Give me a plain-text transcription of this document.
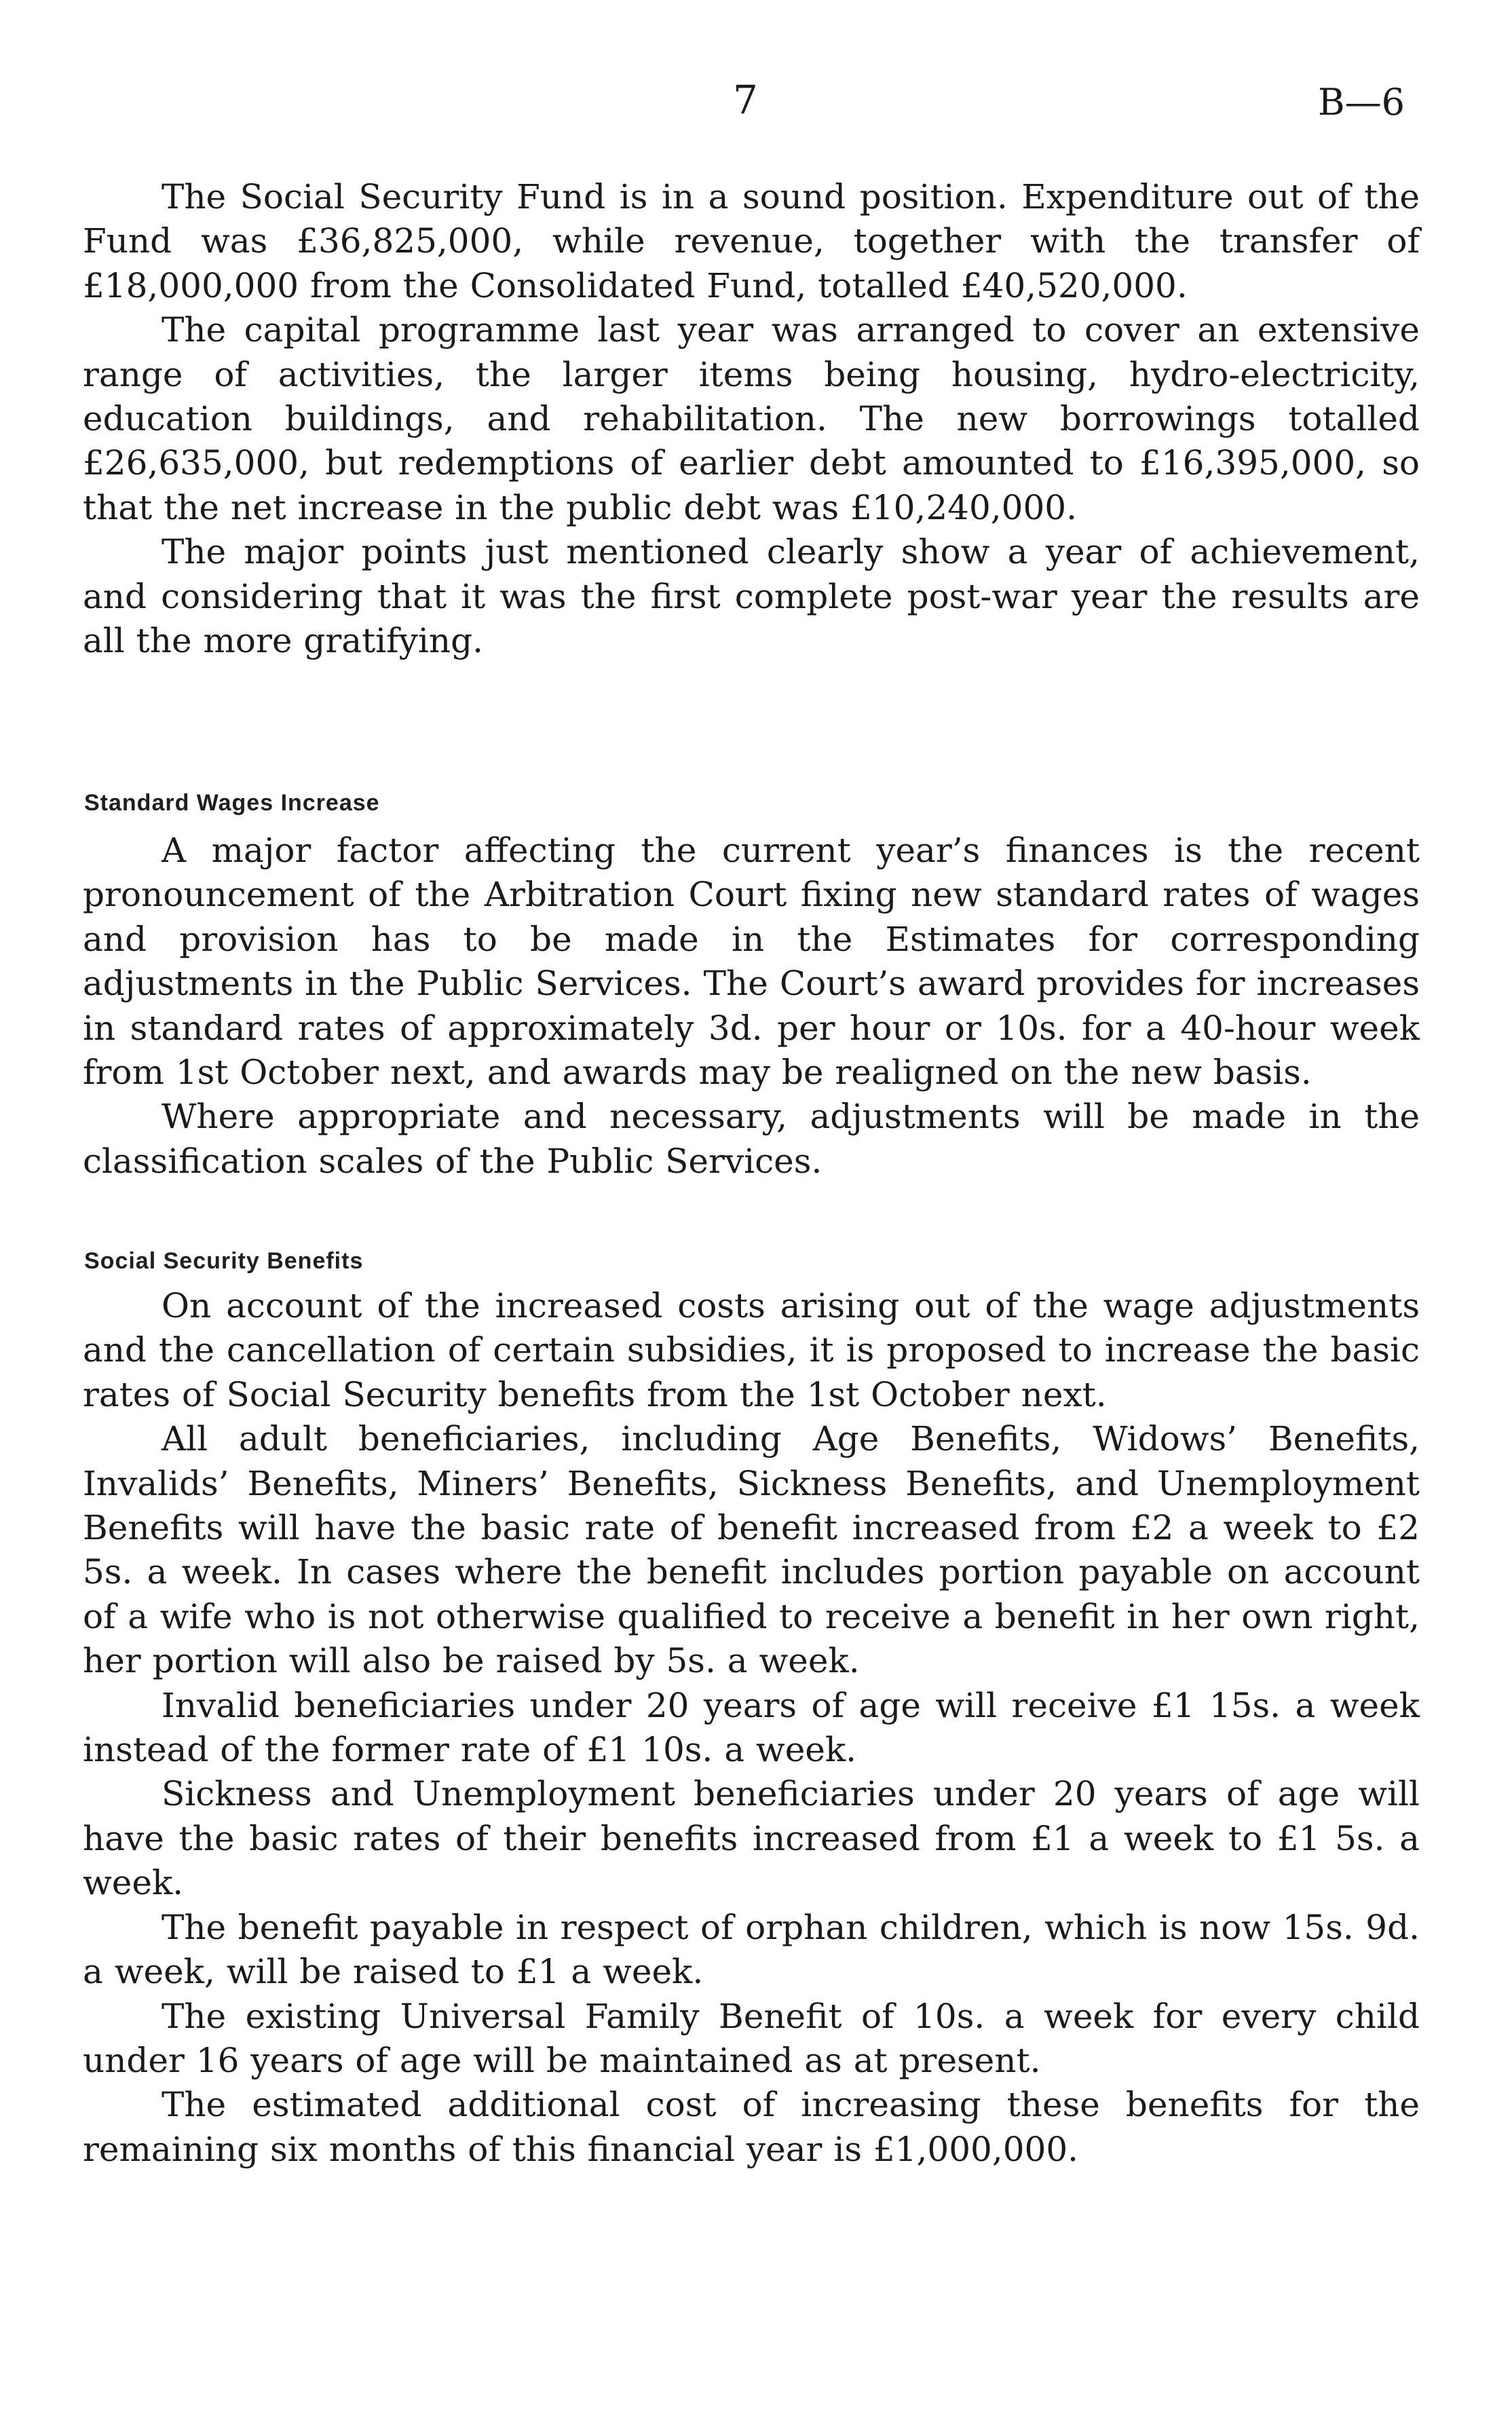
7	B—6

The Social Security Fund is in a sound position. Expenditure out of the Fund was £36,825,000, while revenue, together with the transfer of £18,000,000 from the Consolidated Fund, totalled £40,520,000.

The capital programme last year was arranged to cover an extensive range of activities, the larger items being housing, hydro-electricity, education buildings, and rehabilitation. The new borrowings totalled £26,635,000, but redemptions of earlier debt amounted to £16,395,000, so that the net increase in the public debt was £10,240,000.

The major points just mentioned clearly show a year of achievement, and considering that it was the first complete post-war year the results are all the more gratifying.

Standard Wages Increase

A major factor affecting the current year’s finances is the recent pronouncement of the Arbitration Court fixing new standard rates of wages and provision has to be made in the Estimates for corresponding adjustments in the Public Services. The Court’s award provides for increases in standard rates of approximately 3d. per hour or 10s. for a 40-hour week from 1st October next, and awards may be realigned on the new basis.

Where appropriate and necessary, adjustments will be made in the classification scales of the Public Services.

Social Security Benefits

On account of the increased costs arising out of the wage adjustments and the cancellation of certain subsidies, it is proposed to increase the basic rates of Social Security benefits from the 1st October next.

All adult beneficiaries, including Age Benefits, Widows’ Benefits, Invalids’ Benefits, Miners’ Benefits, Sickness Benefits, and Unemployment Benefits will have the basic rate of benefit increased from £2 a week to £2 5s. a week. In cases where the benefit includes portion payable on account of a wife who is not otherwise qualified to receive a benefit in her own right, her portion will also be raised by 5s. a week.

Invalid beneficiaries under 20 years of age will receive £1 15s. a week instead of the former rate of £1 10s. a week.

Sickness and Unemployment beneficiaries under 20 years of age will have the basic rates of their benefits increased from £1 a week to £1 5s. a week.

The benefit payable in respect of orphan children, which is now 15s. 9d. a week, will be raised to £1 a week.

The existing Universal Family Benefit of 10s. a week for every child under 16 years of age will be maintained as at present.

The estimated additional cost of increasing these benefits for the remaining six months of this financial year is £1,000,000.
